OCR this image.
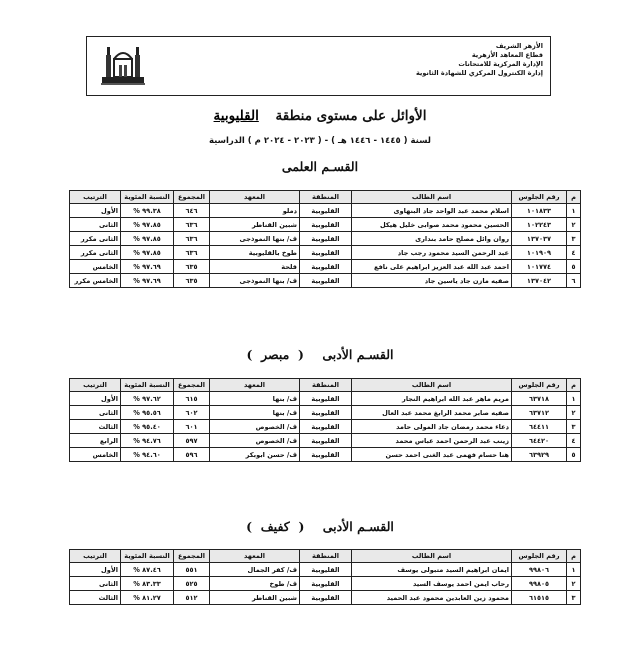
الأزهر الشريف
قطاع المعاهد الأزهرية
الإدارة المركزية للامتحانات
إدارة الكنترول المركزي للشهادة الثانوية
الأوائل على مستوى منطقة القليوبية
لسنة ( ١٤٤٥ - ١٤٤٦ هـ ) - ( ٢٠٢٣ - ٢٠٢٤ م ) الدراسية
القسـم العلمى
م	رقم الجلوس	اسم الطالب	المنطقة	المعهد	المجموع	النسبة المئوية	الترتيب
١	١٠١٨٣٣	اسلام محمد عبد الواحد جاد البنهاوى	القليوبية	دملو	٦٤٦	٩٩.٣٨ %	الأول
٢	١٠٢٢٤٣	الحسين محمود محمد صوابى خليل هيكل	القليوبية	شبين القناطر	٦٣٦	٩٧.٨٥ %	الثانى
٣	١٣٧٠٣٧	روان وائل مصلح حامد بندارى	القليوبية	ف/ بنها النموذجى	٦٣٦	٩٧.٨٥ %	الثانى مكرر
٤	١٠١٩٠٩	عبد الرحمن السيد محمود رجب جاد	القليوبية	طوخ بالقليوبية	٦٣٦	٩٧.٨٥ %	الثانى مكرر
٥	١٠١٧٧٤	احمد عبد الله عبد العزيز ابراهيم على نافع	القليوبية	قلحة	٦٣٥	٩٧.٦٩ %	الخامس
٦	١٣٧٠٤٢	صفيه مازن جاد ياسين جاد	القليوبية	ف/ بنها النموذجى	٦٣٥	٩٧.٦٩ %	الخامس مكرر
القسـم الأدبى (  مبصر  )
م	رقم الجلوس	اسم الطالب	المنطقة	المعهد	المجموع	النسبة المئوية	الترتيب
١	٦٣٧١٨	مريم ماهر عبد الله ابراهيم النجار	القليوبية	ف/ بنها	٦١٥	٩٧.٦٢ %	الأول
٢	٦٣٧١٢	صفيه صابر محمد الرابغ محمد عبد العال	القليوبية	ف/ بنها	٦٠٢	٩٥.٥٦ %	الثانى
٣	٦٤٤١١	دعاء محمد رمضان جاد المولى حامد	القليوبية	ف/ الخصوص	٦٠١	٩٥.٤٠ %	الثالث
٤	٦٤٤٢٠	زينب عبد الرحمن احمد عباس محمد	القليوبية	ف/ الخصوص	٥٩٧	٩٤.٧٦ %	الرابع
٥	٦٣٩٢٩	هنا حسام فهمى عبد الغنى احمد حسن	القليوبية	ف/ حسن ابوبكر	٥٩٦	٩٤.٦٠ %	الخامس
القسـم الأدبى (  كفيف  )
م	رقم الجلوس	اسم الطالب	المنطقة	المعهد	المجموع	النسبة المئوية	الترتيب
١	٩٩٨٠٦	ايمان ابراهيم السيد متبولى يوسف	القليوبية	ف/ كفر الجمال	٥٥١	٨٧.٤٦ %	الأول
٢	٩٩٨٠٥	رحاب ايمن احمد يوسف السيد	القليوبية	ف/ طوخ	٥٢٥	٨٣.٣٣ %	الثانى
٣	٦١٥١٥	محمود زين العابدين محمود عبد الحميد	القليوبية	شبين القناطر	٥١٢	٨١.٢٧ %	الثالث
